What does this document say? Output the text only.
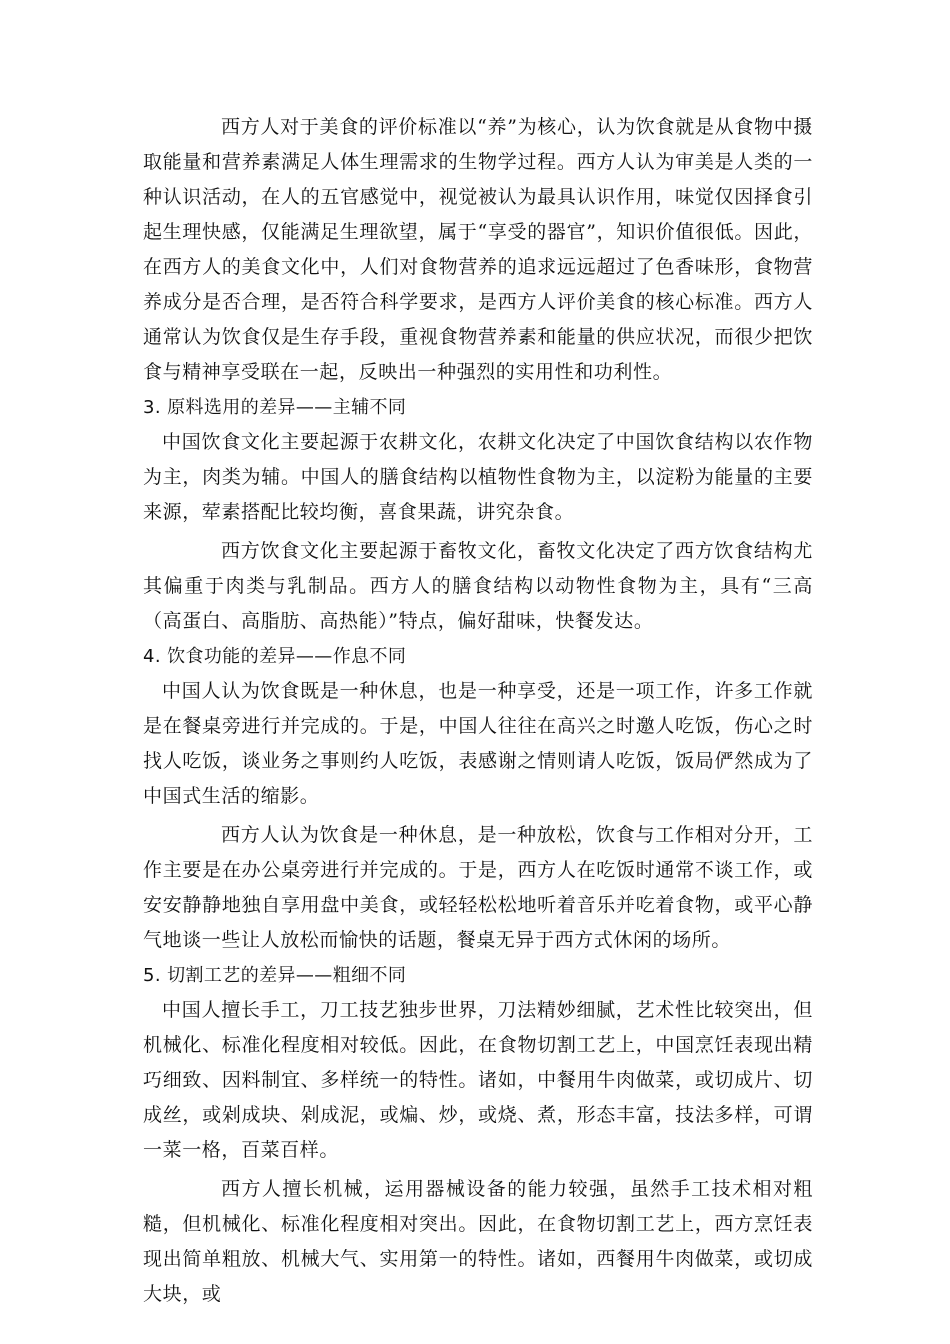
西方人对于美食的评价标准以“养”为核心，认为饮食就是从食物中摄取能量和营养素满足人体生理需求的生物学过程。西方人认为审美是人类的一种认识活动，在人的五官感觉中，视觉被认为最具认识作用，味觉仅因择食引起生理快感，仅能满足生理欲望，属于“享受的器官”，知识价值很低。因此，在西方人的美食文化中，人们对食物营养的追求远远超过了色香味形，食物营养成分是否合理，是否符合科学要求，是西方人评价美食的核心标准。西方人通常认为饮食仅是生存手段，重视食物营养素和能量的供应状况，而很少把饮食与精神享受联在一起，反映出一种强烈的实用性和功利性。

3. 原料选用的差异——主辅不同

中国饮食文化主要起源于农耕文化，农耕文化决定了中国饮食结构以农作物为主，肉类为辅。中国人的膳食结构以植物性食物为主，以淀粉为能量的主要来源，荤素搭配比较均衡，喜食果蔬，讲究杂食。

西方饮食文化主要起源于畜牧文化，畜牧文化决定了西方饮食结构尤其偏重于肉类与乳制品。西方人的膳食结构以动物性食物为主，具有“三高（高蛋白、高脂肪、高热能）”特点，偏好甜味，快餐发达。

4. 饮食功能的差异——作息不同

中国人认为饮食既是一种休息，也是一种享受，还是一项工作，许多工作就是在餐桌旁进行并完成的。于是，中国人往往在高兴之时邀人吃饭，伤心之时找人吃饭，谈业务之事则约人吃饭，表感谢之情则请人吃饭，饭局俨然成为了中国式生活的缩影。

西方人认为饮食是一种休息，是一种放松，饮食与工作相对分开，工作主要是在办公桌旁进行并完成的。于是，西方人在吃饭时通常不谈工作，或安安静静地独自享用盘中美食，或轻轻松松地听着音乐并吃着食物，或平心静气地谈一些让人放松而愉快的话题，餐桌无异于西方式休闲的场所。

5. 切割工艺的差异——粗细不同

中国人擅长手工，刀工技艺独步世界，刀法精妙细腻，艺术性比较突出，但机械化、标准化程度相对较低。因此，在食物切割工艺上，中国烹饪表现出精巧细致、因料制宜、多样统一的特性。诸如，中餐用牛肉做菜，或切成片、切成丝，或剁成块、剁成泥，或煸、炒，或烧、煮，形态丰富，技法多样，可谓一菜一格，百菜百样。

西方人擅长机械，运用器械设备的能力较强，虽然手工技术相对粗糙，但机械化、标准化程度相对突出。因此，在食物切割工艺上，西方烹饪表现出简单粗放、机械大气、实用第一的特性。诸如，西餐用牛肉做菜，或切成大块，或
